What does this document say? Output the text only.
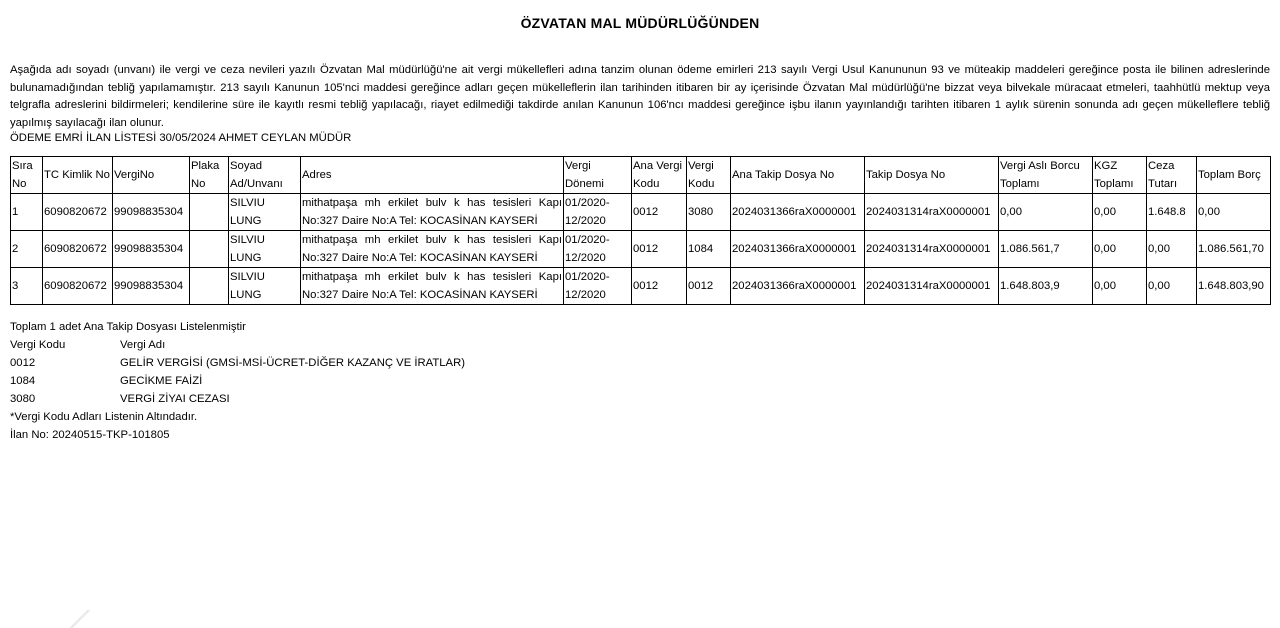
ÖZVATAN MAL MÜDÜRLÜĞÜNDEN
Aşağıda adı soyadı (unvanı) ile vergi ve ceza nevileri yazılı Özvatan Mal müdürlüğü'ne ait vergi mükellefleri adına tanzim olunan ödeme emirleri 213 sayılı Vergi Usul Kanununun 93 ve müteakip maddeleri gereğince posta ile bilinen adreslerinde bulunamadığından tebliğ yapılamamıştır. 213 sayılı Kanunun 105'nci maddesi gereğince adları geçen mükelleflerin ilan tarihinden itibaren bir ay içerisinde Özvatan Mal müdürlüğü'ne bizzat veya bilvekale müracaat etmeleri, taahhütlü mektup veya telgrafla adreslerini bildirmeleri; kendilerine süre ile kayıtlı resmi tebliğ yapılacağı, riayet edilmediği takdirde anılan Kanunun 106'ncı maddesi gereğince işbu ilanın yayınlandığı tarihten itibaren 1 aylık sürenin sonunda adı geçen mükelleflere tebliğ yapılmış sayılacağı ilan olunur.
ÖDEME EMRİ İLAN LİSTESİ 30/05/2024 AHMET CEYLAN MÜDÜR
Sıra No	TC Kimlik No	VergiNo	Plaka No	Soyad Ad/Unvanı	Adres	Vergi Dönemi	Ana Vergi Kodu	Vergi Kodu	Ana Takip Dosya No	Takip Dosya No	Vergi Aslı Borcu Toplamı	KGZ Toplamı	Ceza Tutarı	Toplam Borç
1	6090820672	99098835304		SILVIU LUNG	mithatpaşa mh erkilet bulv k has tesisleri Kapı No:327 Daire No:A Tel: KOCASİNAN KAYSERİ	01/2020-12/2020	0012	3080	2024031366raX0000001	2024031314raX0000001	0,00	0,00	1.648.8	0,00
2	6090820672	99098835304		SILVIU LUNG	mithatpaşa mh erkilet bulv k has tesisleri Kapı No:327 Daire No:A Tel: KOCASİNAN KAYSERİ	01/2020-12/2020	0012	1084	2024031366raX0000001	2024031314raX0000001	1.086.561,7	0,00	0,00	1.086.561,70
3	6090820672	99098835304		SILVIU LUNG	mithatpaşa mh erkilet bulv k has tesisleri Kapı No:327 Daire No:A Tel: KOCASİNAN KAYSERİ	01/2020-12/2020	0012	0012	2024031366raX0000001	2024031314raX0000001	1.648.803,9	0,00	0,00	1.648.803,90
Toplam 1 adet Ana Takip Dosyası Listelenmiştir
Vergi Kodu	Vergi Adı
0012	GELİR VERGİSİ (GMSİ-MSİ-ÜCRET-DİĞER KAZANÇ VE İRATLAR)
1084	GECİKME FAİZİ
3080	VERGİ ZİYAI CEZASI
*Vergi Kodu Adları Listenin Altındadır.
İlan No: 20240515-TKP-101805
